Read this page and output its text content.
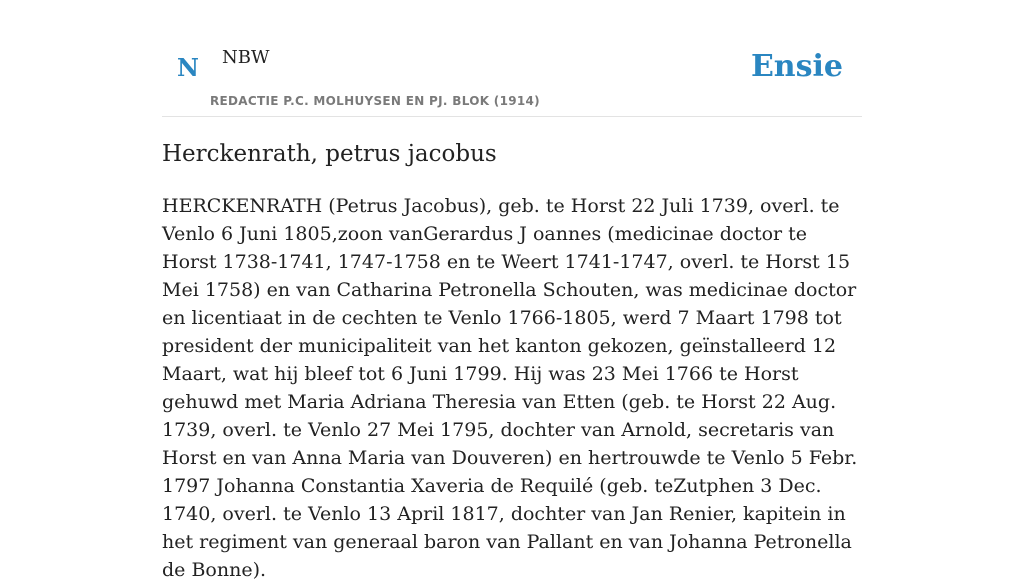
N NBW
REDACTIE P.C. MOLHUYSEN EN PJ. BLOK (1914)
Ensie
Herckenrath, petrus jacobus

HERCKENRATH (Petrus Jacobus), geb. te Horst 22 Juli 1739, overl. te Venlo 6 Juni 1805,zoon vanGerardus J oannes (medicinae doctor te Horst 1738-1741, 1747-1758 en te Weert 1741-1747, overl. te Horst 15 Mei 1758) en van Catharina Petronella Schouten, was medicinae doctor en licentiaat in de cechten te Venlo 1766-1805, werd 7 Maart 1798 tot president der municipaliteit van het kanton gekozen, geïnstalleerd 12 Maart, wat hij bleef tot 6 Juni 1799. Hij was 23 Mei 1766 te Horst gehuwd met Maria Adriana Theresia van Etten (geb. te Horst 22 Aug. 1739, overl. te Venlo 27 Mei 1795, dochter van Arnold, secretaris van Horst en van Anna Maria van Douveren) en hertrouwde te Venlo 5 Febr. 1797 Johanna Constantia Xaveria de Requilé (geb. teZutphen 3 Dec. 1740, overl. te Venlo 13 April 1817, dochter van Jan Renier, kapitein in het regiment van generaal baron van Pallant en van Johanna Petronella de Bonne).
